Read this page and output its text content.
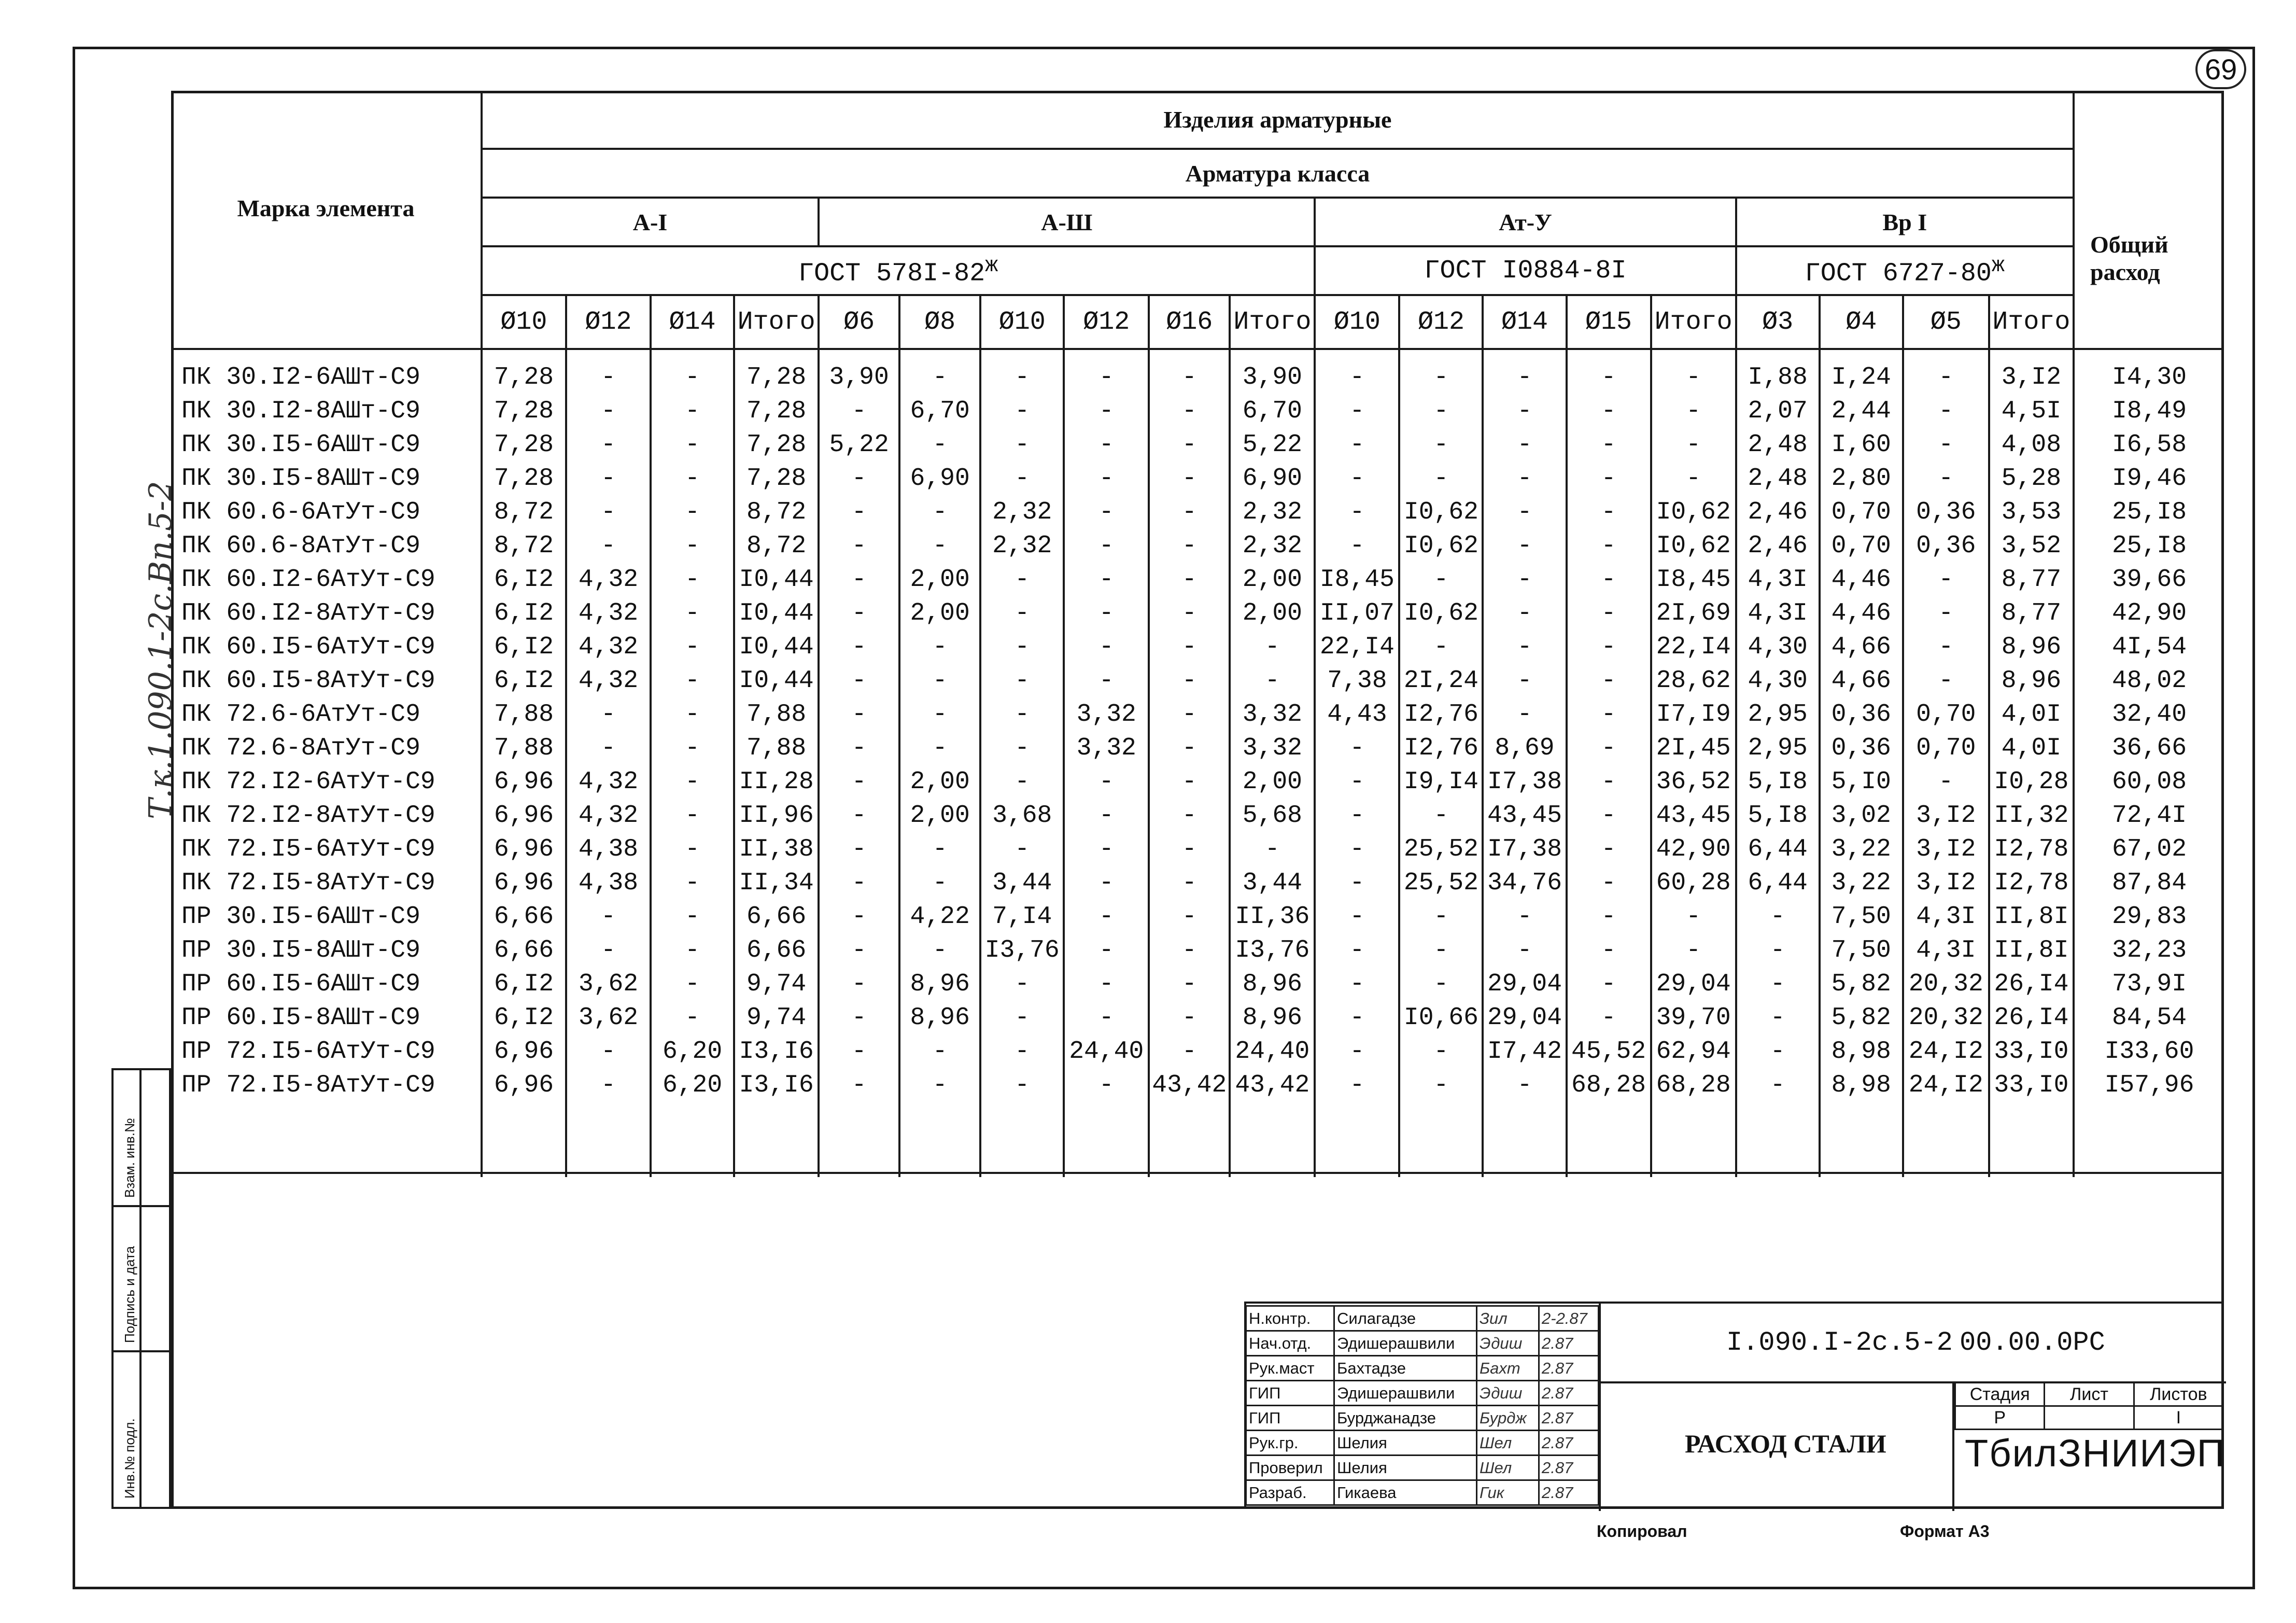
69
Т.к.1.090.1-2с.Вп.5-2
Инв.№ подл.
Подпись и дата
Взам. инв.№
Марка элемента	Изделия арматурные																			Общий расход
	Арматура класса																			
	А-I				А-Ш						Ат-У					Вр I				
	ГОСТ $578I-82^ж$										ГОСТ I0884-8I					ГОСТ $6727-80^ж$
	Ø10	Ø12	Ø14	Итого	Ø6	Ø8	Ø10	Ø12	Ø16	Итого	Ø10	Ø12	Ø14	Ø15	Итого	Ø3	Ø4	Ø5	Итого	
ПК 30.I2-6АШт-С9	7,28	-	-	7,28	3,90	-	-	-	-	3,90	-	-	-	-	-	I,88	I,24	-	3,I2	I4,30
ПК 30.I2-8АШт-С9	7,28	-	-	7,28	-	6,70	-	-	-	6,70	-	-	-	-	-	2,07	2,44	-	4,5I	I8,49
ПК 30.I5-6АШт-С9	7,28	-	-	7,28	5,22	-	-	-	-	5,22	-	-	-	-	-	2,48	I,60	-	4,08	I6,58
ПК 30.I5-8АШт-С9	7,28	-	-	7,28	-	6,90	-	-	-	6,90	-	-	-	-	-	2,48	2,80	-	5,28	I9,46
ПК 60.6-6АтУт-С9	8,72	-	-	8,72	-	-	2,32	-	-	2,32	-	I0,62	-	-	I0,62	2,46	0,70	0,36	3,53	25,I8
ПК 60.6-8АтУт-С9	8,72	-	-	8,72	-	-	2,32	-	-	2,32	-	I0,62	-	-	I0,62	2,46	0,70	0,36	3,52	25,I8
ПК 60.I2-6АтУт-С9	6,I2	4,32	-	I0,44	-	2,00	-	-	-	2,00	I8,45	-	-	-	I8,45	4,3I	4,46	-	8,77	39,66
ПК 60.I2-8АтУт-С9	6,I2	4,32	-	I0,44	-	2,00	-	-	-	2,00	II,07	I0,62	-	-	2I,69	4,3I	4,46	-	8,77	42,90
ПК 60.I5-6АтУт-С9	6,I2	4,32	-	I0,44	-	-	-	-	-	-	22,I4	-	-	-	22,I4	4,30	4,66	-	8,96	4I,54
ПК 60.I5-8АтУт-С9	6,I2	4,32	-	I0,44	-	-	-	-	-	-	7,38	2I,24	-	-	28,62	4,30	4,66	-	8,96	48,02
ПК 72.6-6АтУт-С9	7,88	-	-	7,88	-	-	-	3,32	-	3,32	4,43	I2,76	-	-	I7,I9	2,95	0,36	0,70	4,0I	32,40
ПК 72.6-8АтУт-С9	7,88	-	-	7,88	-	-	-	3,32	-	3,32	-	I2,76	8,69	-	2I,45	2,95	0,36	0,70	4,0I	36,66
ПК 72.I2-6АтУт-С9	6,96	4,32	-	II,28	-	2,00	-	-	-	2,00	-	I9,I4	I7,38	-	36,52	5,I8	5,I0	-	I0,28	60,08
ПК 72.I2-8АтУт-С9	6,96	4,32	-	II,96	-	2,00	3,68	-	-	5,68	-	-	43,45	-	43,45	5,I8	3,02	3,I2	II,32	72,4I
ПК 72.I5-6АтУт-С9	6,96	4,38	-	II,38	-	-	-	-	-	-	-	25,52	I7,38	-	42,90	6,44	3,22	3,I2	I2,78	67,02
ПК 72.I5-8АтУт-С9	6,96	4,38	-	II,34	-	-	3,44	-	-	3,44	-	25,52	34,76	-	60,28	6,44	3,22	3,I2	I2,78	87,84
ПР 30.I5-6АШт-С9	6,66	-	-	6,66	-	4,22	7,I4	-	-	II,36	-	-	-	-	-	-	7,50	4,3I	II,8I	29,83
ПР 30.I5-8АШт-С9	6,66	-	-	6,66	-	-	I3,76	-	-	I3,76	-	-	-	-	-	-	7,50	4,3I	II,8I	32,23
ПР 60.I5-6АШт-С9	6,I2	3,62	-	9,74	-	8,96	-	-	-	8,96	-	-	29,04	-	29,04	-	5,82	20,32	26,I4	73,9I
ПР 60.I5-8АШт-С9	6,I2	3,62	-	9,74	-	8,96	-	-	-	8,96	-	I0,66	29,04	-	39,70	-	5,82	20,32	26,I4	84,54
ПР 72.I5-6АтУт-С9	6,96	-	6,20	I3,I6	-	-	-	24,40	-	24,40	-	-	I7,42	45,52	62,94	-	8,98	24,I2	33,I0	I33,60
ПР 72.I5-8АтУт-С9	6,96	-	6,20	I3,I6	-	-	-	-	43,42	43,42	-	-	-	68,28	68,28	-	8,98	24,I2	33,I0	I57,96

Н.контр.	Силагадзе	Зил	2-2.87
Нач.отд.	Эдишерашвили	Эдиш	2.87
Рук.маст	Бахтадзе	Бахт	2.87
ГИП	Эдишерашвили	Эдиш	2.87
ГИП	Бурджанадзе	Бурдж	2.87
Рук.гр.	Шелия	Шел	2.87
Проверил	Шелия	Шел	2.87
Разраб.	Гикаева	Гик	2.87
I.090.I-2с.5-2 00.00.0РС
РАСХОД СТАЛИ
Стадия	Лист	Листов
Р		I
ТбилЗНИИЭП
Копировал	Формат А3
